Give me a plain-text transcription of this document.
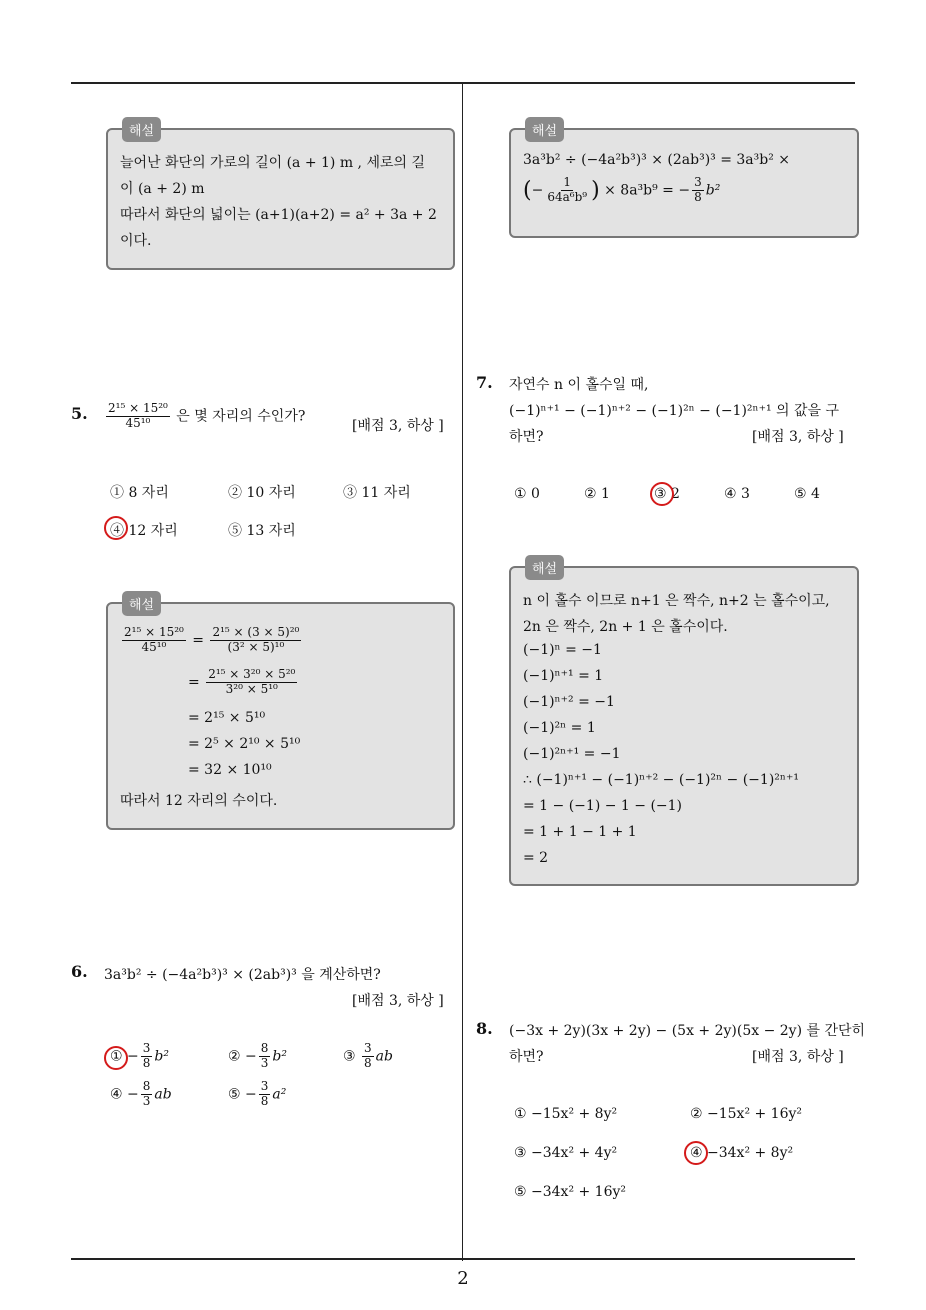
해설
늘어난 화단의 가로의 길이 (a + 1) m , 세로의 길
이 (a + 2) m
따라서 화단의 넓이는 (a+1)(a+2) = a² + 3a + 2
이다.
5. $\frac{\text{2¹⁵ × 15²⁰}}{\text{45¹⁰}}$ 은 몇 자리의 수인가?
[배점 3, 하상 ]
① 8 자리	② 10 자리	③ 11 자리
④ 12 자리	⑤ 13 자리
해설
$\frac{\text{2¹⁵ × 15²⁰}}{\text{45¹⁰}} = \frac{\text{2¹⁵ × (3 × 5)²⁰}}{\text{(3² × 5)¹⁰}}$
= $\frac{\text{2¹⁵ × 3²⁰ × 5²⁰}}{\text{3²⁰ × 5¹⁰}}$
= 2¹⁵ × 5¹⁰
= 2⁵ × 2¹⁰ × 5¹⁰
= 32 × 10¹⁰
따라서 12 자리의 수이다.
6. 3a³b² ÷ (−4a²b³)³ × (2ab³)³ 을 계산하면?
[배점 3, 하상 ]
① − $\frac{3}{8} b^2$	② − $\frac{8}{3} b^2$	③ $\frac{3}{8}$ ab
④ − $\frac{8}{3}$ ab	⑤ − $\frac{3}{8} a^2$
해설
3a³b² ÷ (−4a²b³)³ × (2ab³)³ = 3a³b² ×
(− $\frac{1}{\text{64a⁶b⁹}}$ ) × 8a³b⁹ = − $\frac{3}{8} b^2$
7. 자연수 n 이 홀수일 때,
(−1)ⁿ⁺¹ − (−1)ⁿ⁺² − (−1)²ⁿ − (−1)²ⁿ⁺¹ 의 값을 구
하면?	[배점 3, 하상 ]
① 0	② 1	③ 2	④ 3	⑤ 4
해설
n 이 홀수 이므로 n+1 은 짝수, n+2 는 홀수이고,
2n 은 짝수, 2n + 1 은 홀수이다.
(−1)ⁿ = −1
(−1)ⁿ⁺¹ = 1
(−1)ⁿ⁺² = −1
(−1)²ⁿ = 1
(−1)²ⁿ⁺¹ = −1
∴ (−1)ⁿ⁺¹ − (−1)ⁿ⁺² − (−1)²ⁿ − (−1)²ⁿ⁺¹
= 1 − (−1) − 1 − (−1)
= 1 + 1 − 1 + 1
= 2
8. (−3x + 2y)(3x + 2y) − (5x + 2y)(5x − 2y) 를 간단히
하면?	[배점 3, 하상 ]
① −15x² + 8y²	② −15x² + 16y²
③ −34x² + 4y²	④ −34x² + 8y²
⑤ −34x² + 16y²
2
